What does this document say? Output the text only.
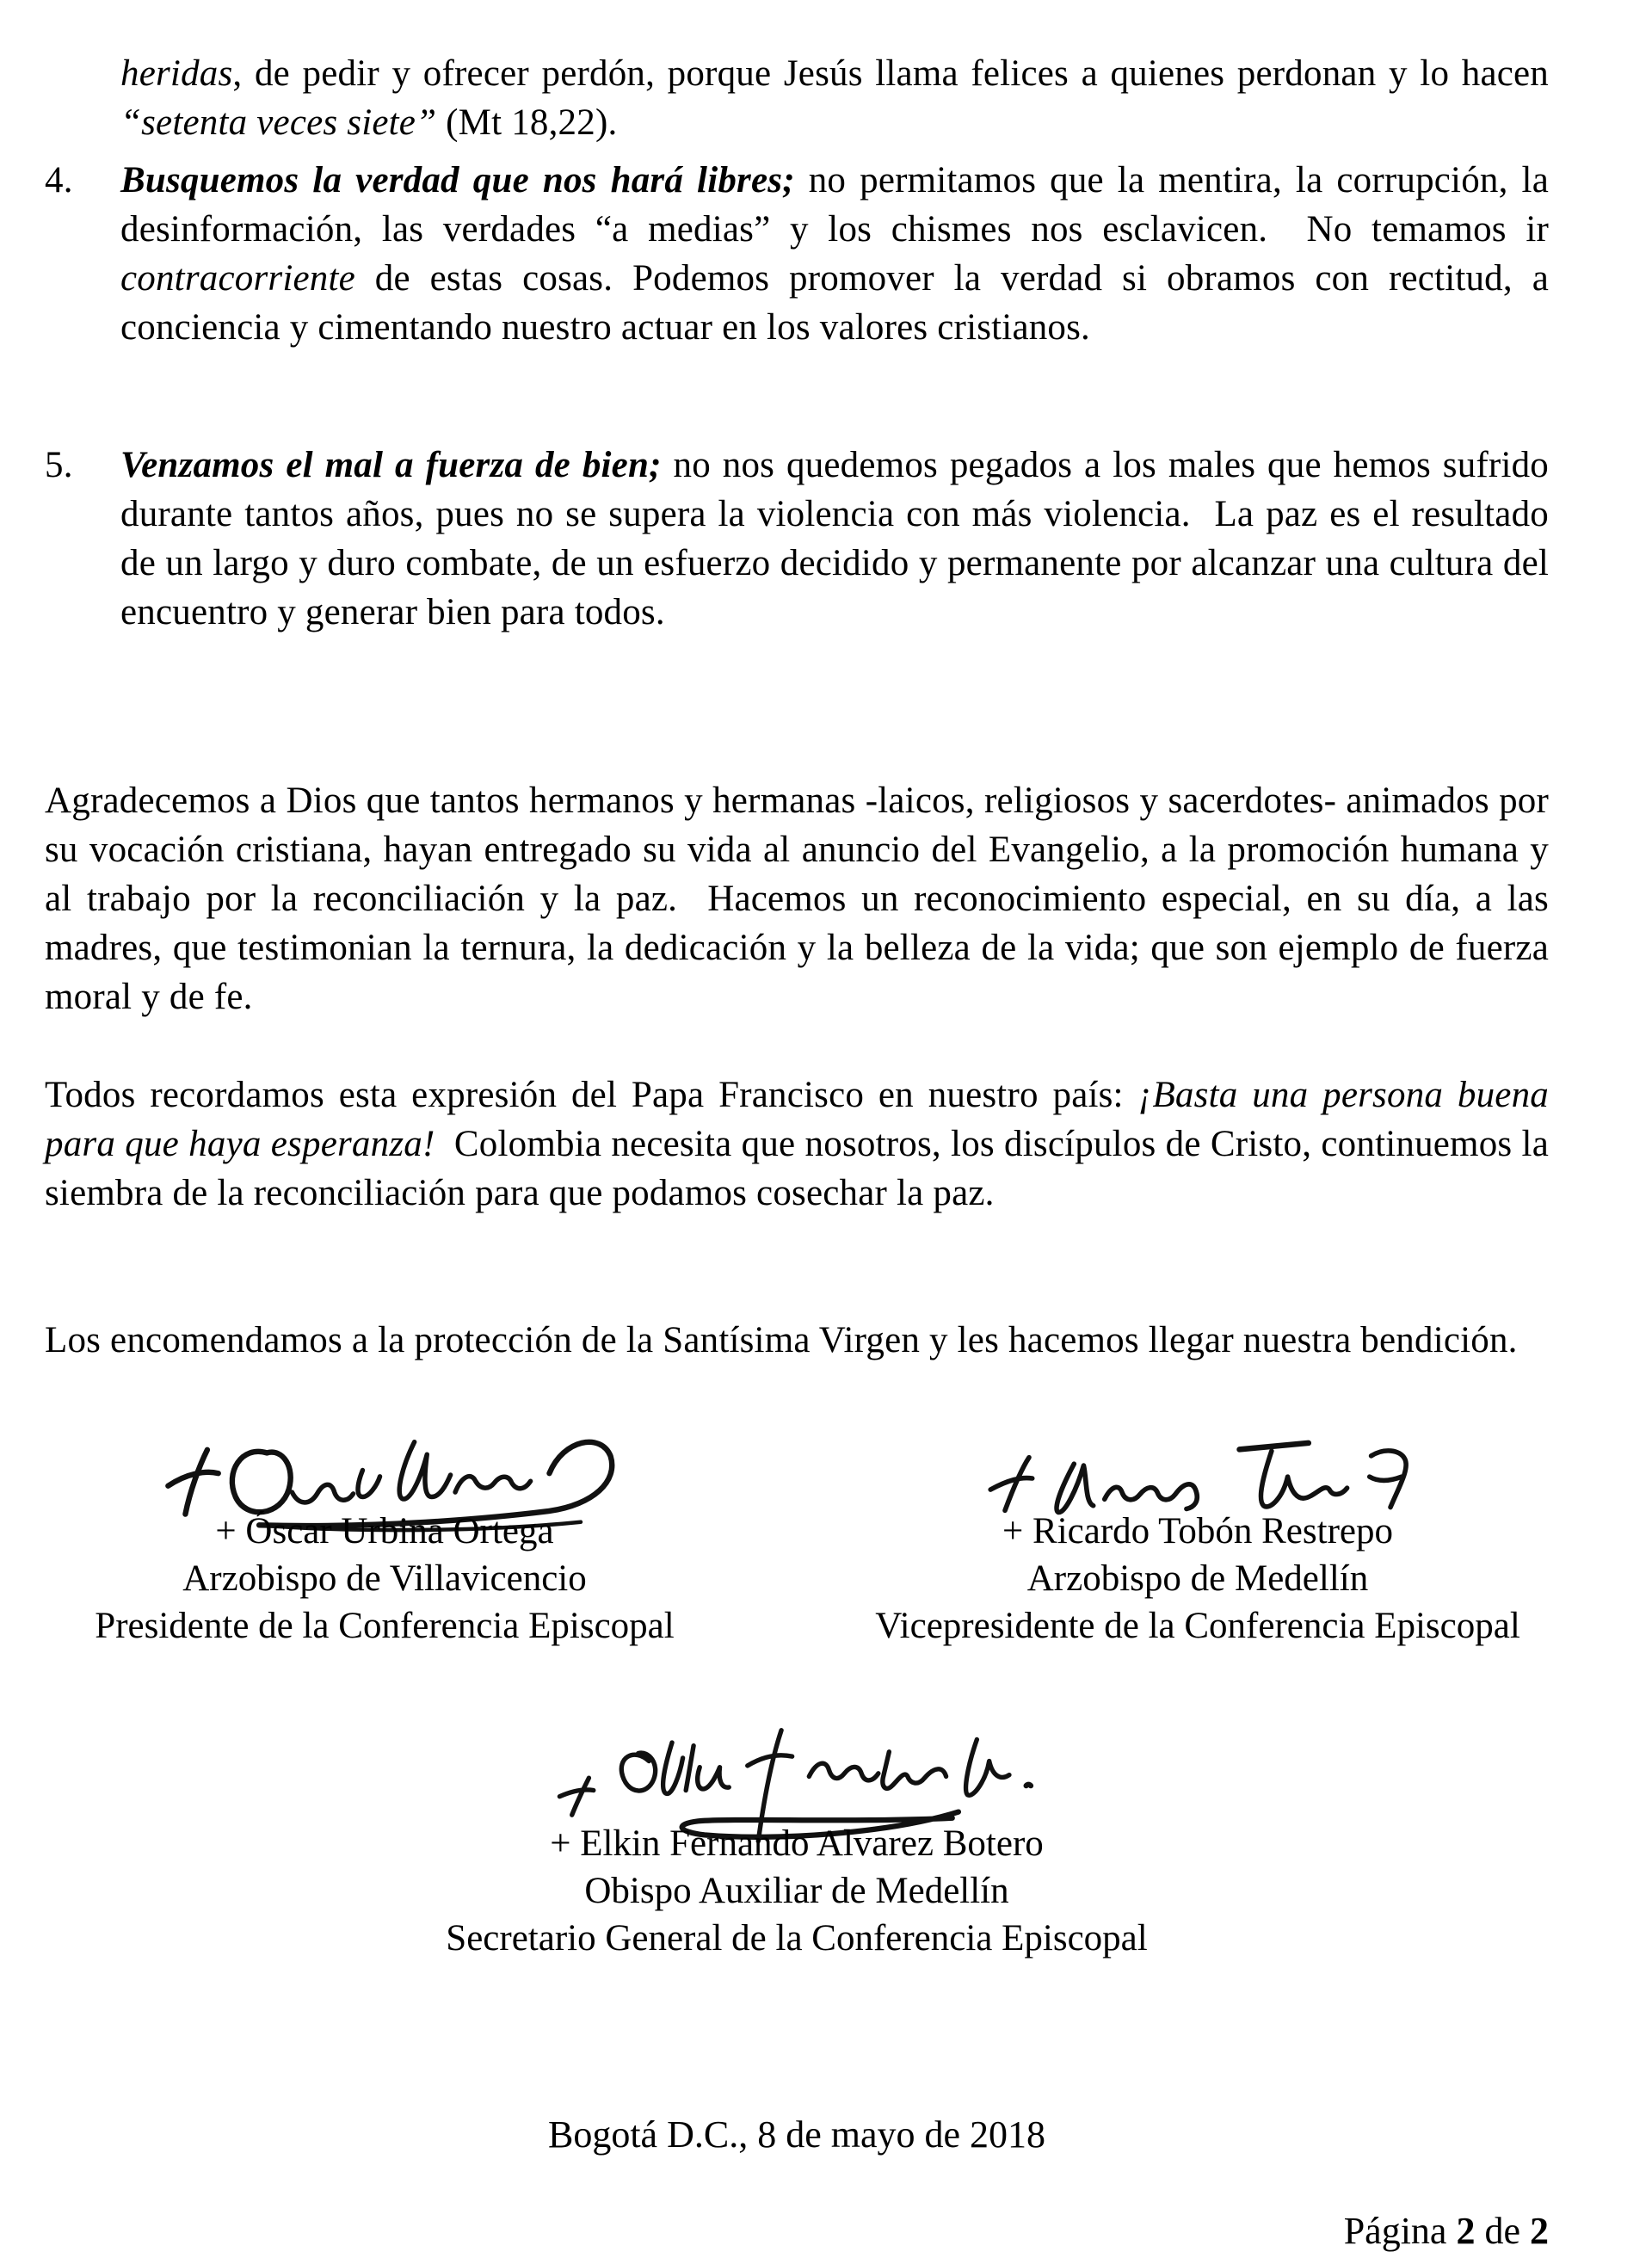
heridas, de pedir y ofrecer perdón, porque Jesús llama felices a quienes perdonan y lo hacen “setenta veces siete” (Mt 18,22).

4.	Busquemos la verdad que nos hará libres; no permitamos que la mentira, la corrupción, la desinformación, las verdades “a medias” y los chismes nos esclavicen.  No temamos ir contracorriente de estas cosas. Podemos promover la verdad si obramos con rectitud, a conciencia y cimentando nuestro actuar en los valores cristianos.

5.	Venzamos el mal a fuerza de bien; no nos quedemos pegados a los males que hemos sufrido durante tantos años, pues no se supera la violencia con más violencia.  La paz es el resultado de un largo y duro combate, de un esfuerzo decidido y permanente por alcanzar una cultura del encuentro y generar bien para todos.

Agradecemos a Dios que tantos hermanos y hermanas -laicos, religiosos y sacerdotes- animados por su vocación cristiana, hayan entregado su vida al anuncio del Evangelio, a la promoción humana y al trabajo por la reconciliación y la paz.  Hacemos un reconocimiento especial, en su día, a las madres, que testimonian la ternura, la dedicación y la belleza de la vida; que son ejemplo de fuerza moral y de fe.

Todos recordamos esta expresión del Papa Francisco en nuestro país: ¡Basta una persona buena para que haya esperanza!  Colombia necesita que nosotros, los discípulos de Cristo, continuemos la siembra de la reconciliación para que podamos cosechar la paz.

Los encomendamos a la protección de la Santísima Virgen y les hacemos llegar nuestra bendición.

+ Óscar Urbina Ortega
Arzobispo de Villavicencio
Presidente de la Conferencia Episcopal
+ Ricardo Tobón Restrepo
Arzobispo de Medellín
Vicepresidente de la Conferencia Episcopal
+ Elkin Fernando Alvarez Botero
Obispo Auxiliar de Medellín
Secretario General de la Conferencia Episcopal
Bogotá D.C., 8 de mayo de 2018
Página 2 de 2
